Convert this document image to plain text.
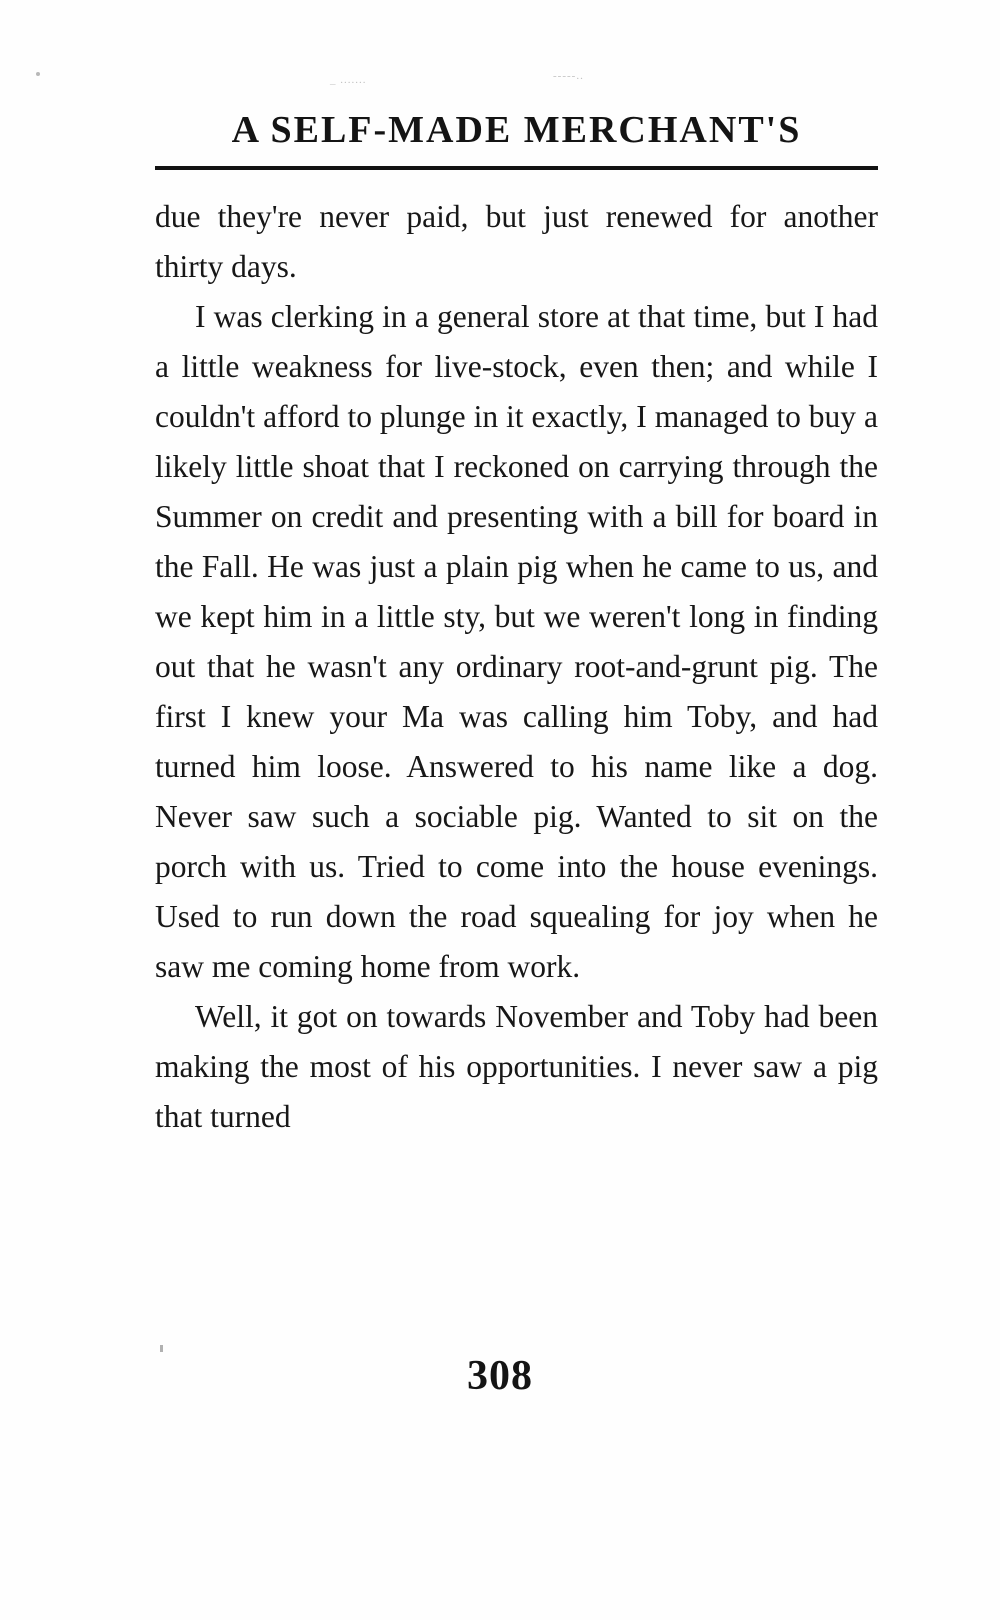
_ .......	-----..
A SELF-MADE MERCHANT'S

due they're never paid, but just renewed for another thirty days.

I was clerking in a general store at that time, but I had a little weakness for live-stock, even then; and while I couldn't afford to plunge in it exactly, I managed to buy a likely little shoat that I reckoned on carrying through the Summer on credit and presenting with a bill for board in the Fall. He was just a plain pig when he came to us, and we kept him in a little sty, but we weren't long in finding out that he wasn't any ordinary root-and-grunt pig. The first I knew your Ma was calling him Toby, and had turned him loose. Answered to his name like a dog. Never saw such a sociable pig. Wanted to sit on the porch with us. Tried to come into the house evenings. Used to run down the road squealing for joy when he saw me coming home from work.

Well, it got on towards November and Toby had been making the most of his opportunities. I never saw a pig that turned

308
